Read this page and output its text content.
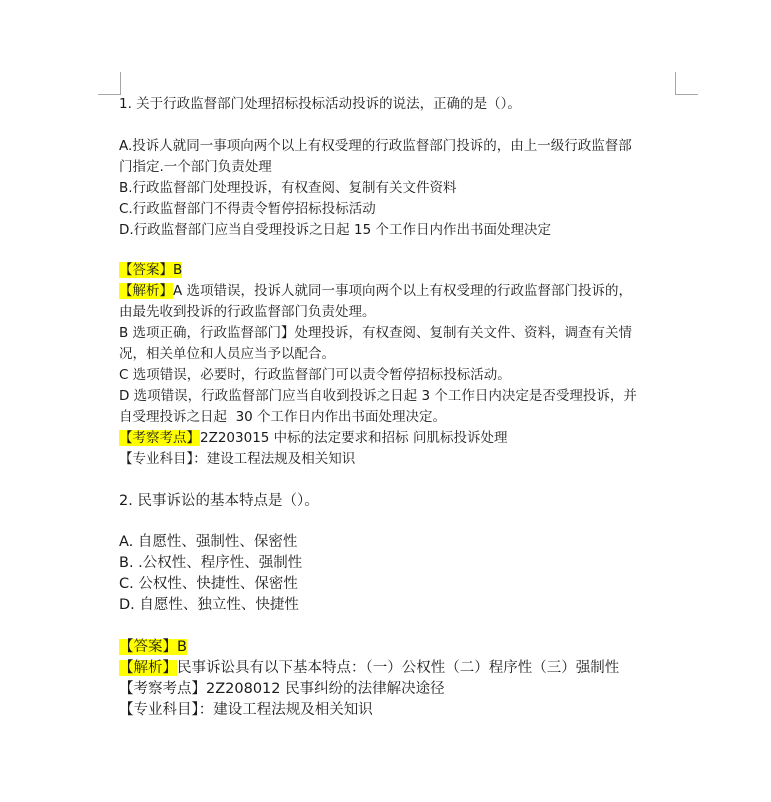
1. 关于行政监督部门处理招标投标活动投诉的说法，正确的是（）。
A.投诉人就同一事项向两个以上有权受理的行政监督部门投诉的，由上一级行政监督部
门指定.一个部门负责处理
B.行政监督部门处理投诉，有权查阅、复制有关文件资料
C.行政监督部门不得责令暂停招标投标活动
D.行政监督部门应当自受理投诉之日起 15 个工作日内作出书面处理决定
【答案】B
【解析】A 选项错误，投诉人就同一事项向两个以上有权受理的行政监督部门投诉的，
由最先收到投诉的行政监督部门负责处理。
B 选项正确，行政监督部门】处理投诉，有权查阅、复制有关文件、资料，调查有关情
况，相关单位和人员应当予以配合。
C 选项错误，必要时，行政监督部门可以责令暂停招标投标活动。
D 选项错误，行政监督部门应当自收到投诉之日起 3 个工作日内决定是否受理投诉，并
自受理投诉之日起  30 个工作日内作出书面处理决定。
【考察考点】2Z203015 中标的法定要求和招标 问肌标投诉处理
【专业科目】：建设工程法规及相关知识
2. 民事诉讼的基本特点是（）。
A. 自愿性、强制性、保密性
B. .公权性、程序性、强制性
C. 公权性、快捷性、保密性
D. 自愿性、独立性、快捷性
【答案】B
【解析】民事诉讼具有以下基本特点：（一）公权性（二）程序性（三）强制性
【考察考点】2Z208012 民事纠纷的法律解决途径
【专业科目】：建设工程法规及相关知识
